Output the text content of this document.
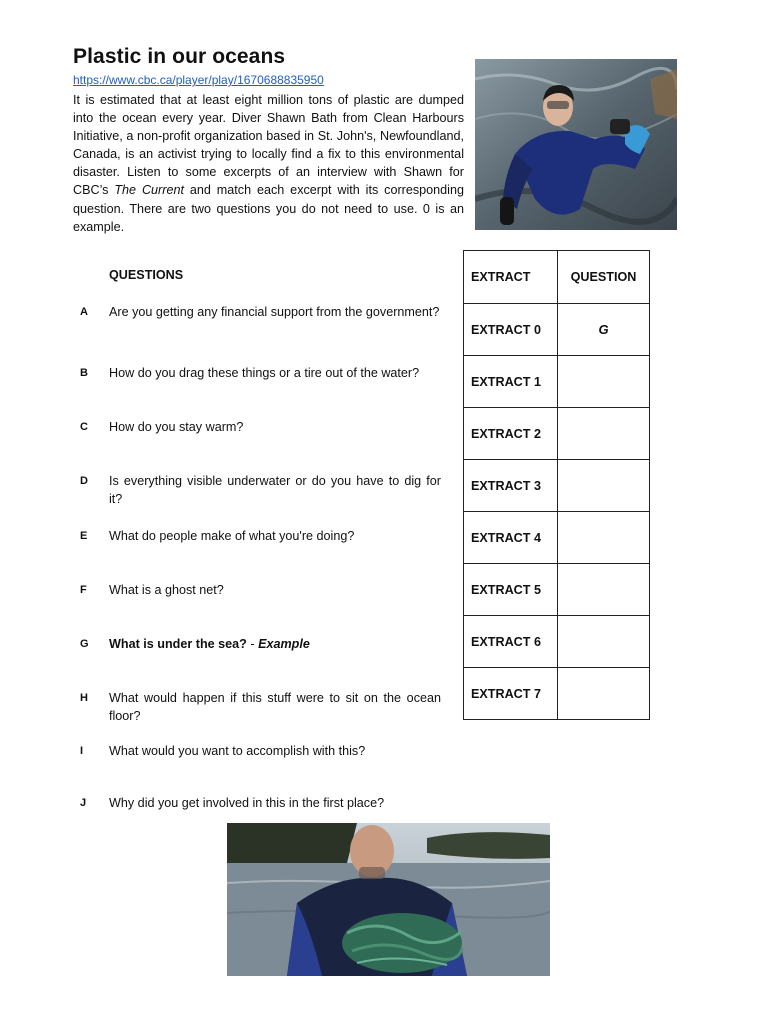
Plastic in our oceans
https://www.cbc.ca/player/play/1670688835950
It is estimated that at least eight million tons of plastic are dumped into the ocean every year. Diver Shawn Bath from Clean Harbours Initiative, a non-profit organization based in St. John's, Newfoundland, Canada, is an activist trying to locally find a fix to this environmental disaster. Listen to some excerpts of an interview with Shawn for CBC’s The Current and match each excerpt with its corresponding question. There are two questions you do not need to use. 0 is an example.
QUESTIONS
A Are you getting any financial support from the government?
B How do you drag these things or a tire out of the water?
C How do you stay warm?
D Is everything visible underwater or do you have to dig for it?
E What do people make of what you're doing?
F What is a ghost net?
G What is under the sea? - Example
H What would happen if this stuff were to sit on the ocean floor?
I What would you want to accomplish with this?
J Why did you get involved in this in the first place?
EXTRACT	QUESTION
EXTRACT 0	G
EXTRACT 1	
EXTRACT 2	
EXTRACT 3	
EXTRACT 4	
EXTRACT 5	
EXTRACT 6	
EXTRACT 7	
